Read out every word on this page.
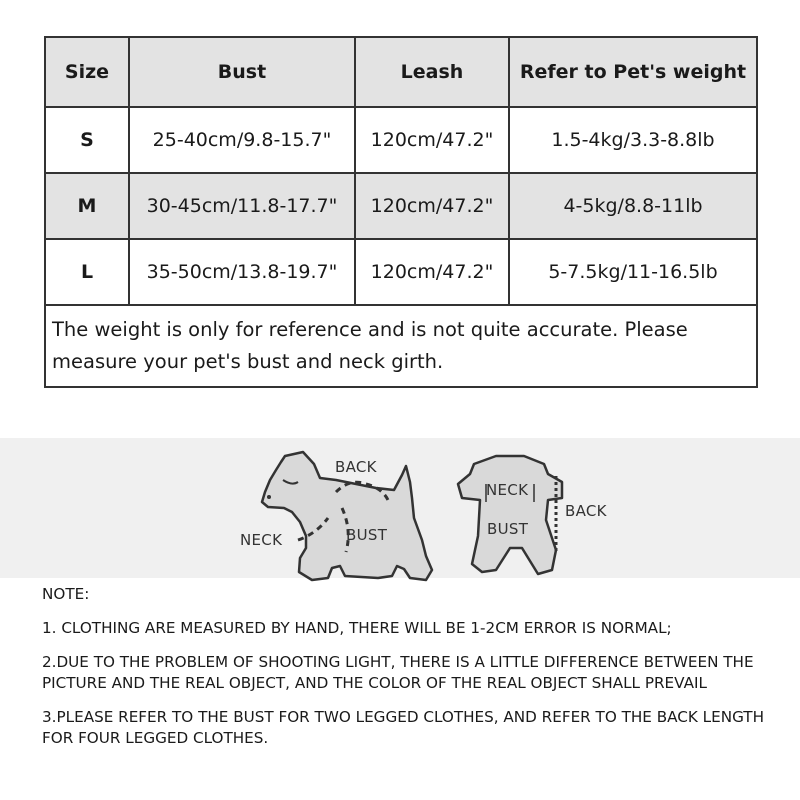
Size	Bust	Leash	Refer to Pet's weight
S	25-40cm/9.8-15.7"	120cm/47.2"	1.5-4kg/3.3-8.8lb
M	30-45cm/11.8-17.7"	120cm/47.2"	4-5kg/8.8-11lb
L	35-50cm/13.8-19.7"	120cm/47.2"	5-7.5kg/11-16.5lb
The weight is only for reference and is not quite accurate. Please measure your pet's bust and neck girth.			
BACK
NECK	BUST
NECK
BUST
BACK

NOTE:

1. CLOTHING ARE MEASURED BY HAND, THERE WILL BE 1-2CM ERROR IS NORMAL;

2.DUE TO THE PROBLEM OF SHOOTING LIGHT, THERE IS A LITTLE DIFFERENCE BETWEEN THE PICTURE AND THE REAL OBJECT, AND THE COLOR OF THE REAL OBJECT SHALL PREVAIL

3.PLEASE REFER TO THE BUST FOR TWO LEGGED CLOTHES, AND REFER TO THE BACK LENGTH FOR FOUR LEGGED CLOTHES.
